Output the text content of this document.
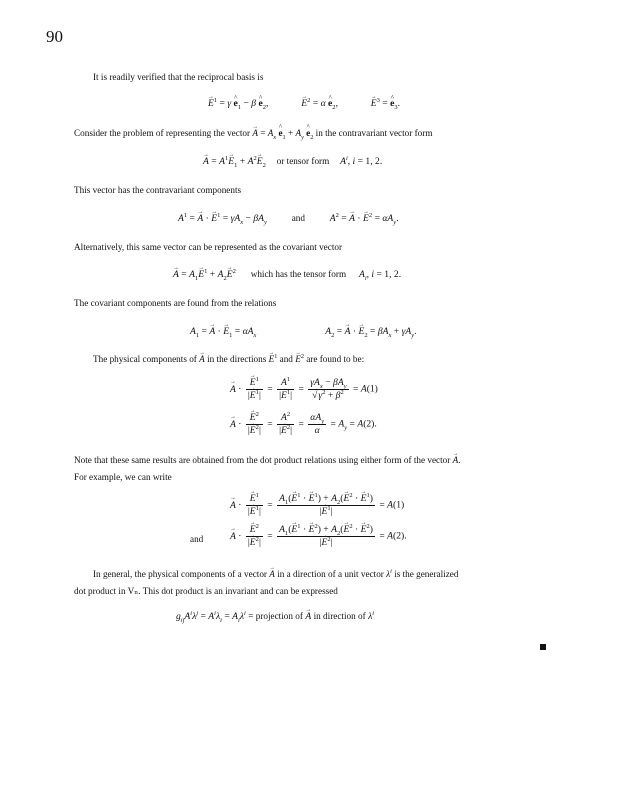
90
It is readily verified that the reciprocal basis is
→ $E^1 = \gamma$ ^ $e_1 - \beta$ ^ $e_2$,	→ $E^2 = \alpha$ ^ $e_2$,	→ $E^3$ = ^ $e_3$.
Consider the problem of representing the vector → $A = A_x$ ^ $e_1 + A_y$ ^ $e_2$ in the contravariant vector form
→ $A = A^1\to E_1 + A^2\to E_2$ or tensor form $A^i$, i = 1, 2.
This vector has the contravariant components
$A^1$ = → A · → $E^1 = \gamma A_x - \beta A_y$	and	$A^2$ = → A · → $E^2 = \alpha A_y$.
Alternatively, this same vector can be represented as the covariant vector
→ $A = A_1\to E^1 + A_2\to E^2$ which has the tensor form $A_i$, i = 1, 2.
The covariant components are found from the relations
$A_1$ = → A · → $E_1 = \alpha A_x$	$A_2$ = → A · → $E_2 = \beta A_x + \gamma A_y$.
The physical components of → A in the directions → $E^1$ and → $E^2$ are found to be:
→ A · → $\frac{E^1}{|\to E^1|} = \frac{A^1}{|\to E^1|} = \frac{\gamma A_x - \beta A_y}{√\gamma^2 + \beta^2} = A(1)$
→ A · → $\frac{E^2}{|\to E^2|} = \frac{A^2}{|\to E^2|} = \frac{\alpha A_y}{\alpha} = A_y = A(2)$.
Note that these same results are obtained from the dot product relations using either form of the vector → A.
For example, we can write
→ A · → $\frac{E^1}{|\to E^1|} = \frac{A_1(\to E^1 \cdot \to E^1) + A_2(\to E^2 \cdot \to E^1)}{|\to E^1|} = A(1)$
and	→ A · → $\frac{E^2}{|\to E^2|} = \frac{A_1(\to E^1 \cdot \to E^2) + A_2(\to E^2 \cdot \to E^2)}{|\to E^2|} = A(2)$.
In general, the physical components of a vector → A in a direction of a unit vector $\lambda^i$ is the generalized
dot product in Vₙ. This dot product is an invariant and can be expressed
$g_{ij}A^i\lambda^j = A^i\lambda_i = A_i\lambda^i$ = projection of → A in direction of $\lambda^i$
